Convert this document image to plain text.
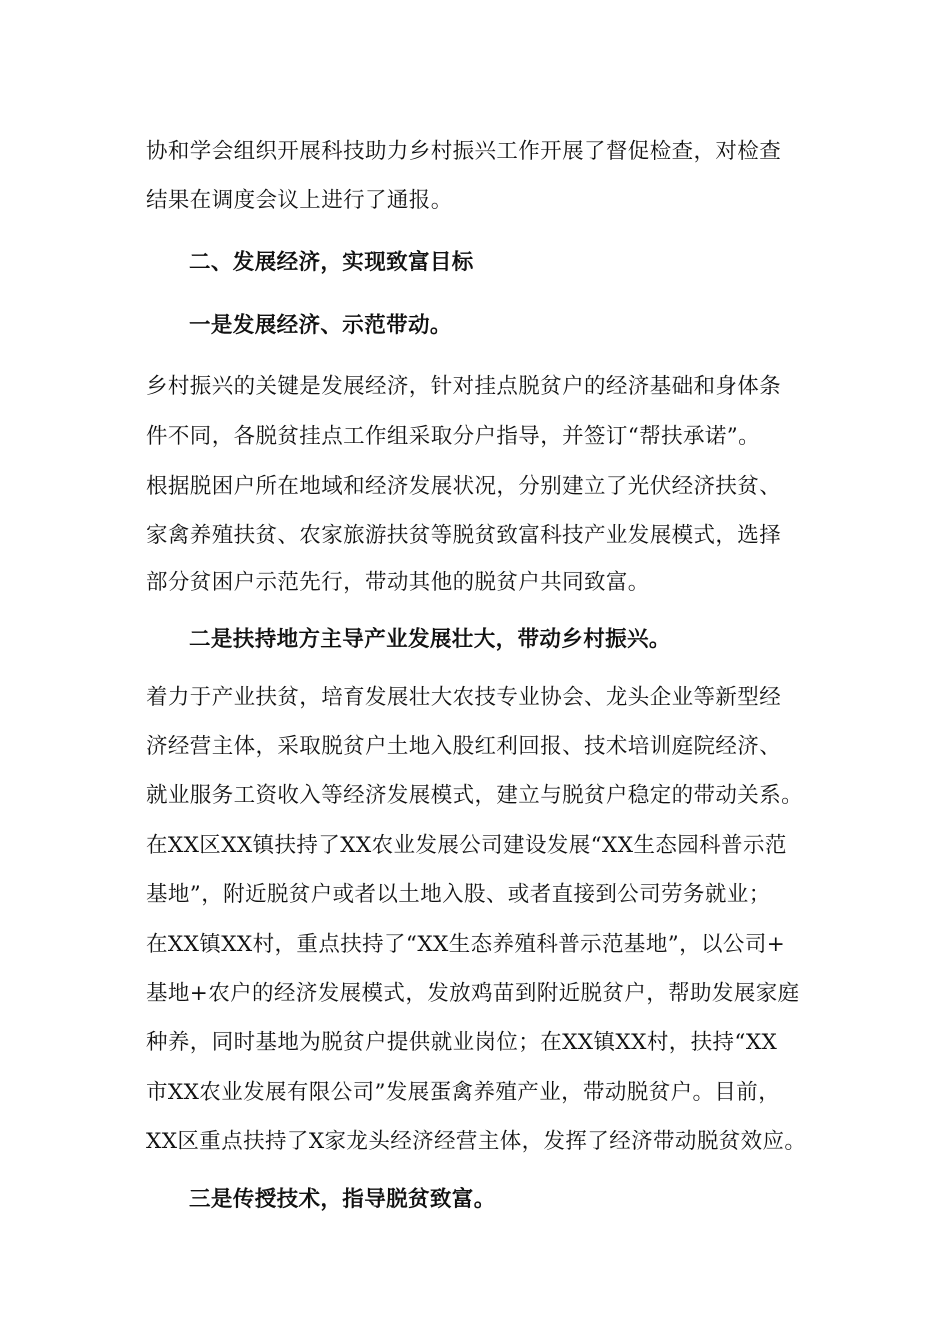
协和学会组织开展科技助力乡村振兴工作开展了督促检查，对检查
结果在调度会议上进行了通报。
二、发展经济，实现致富目标
一是发展经济、示范带动。
乡村振兴的关键是发展经济，针对挂点脱贫户的经济基础和身体条
件不同，各脱贫挂点工作组采取分户指导，并签订“帮扶承诺”。
根据脱困户所在地域和经济发展状况，分别建立了光伏经济扶贫、
家禽养殖扶贫、农家旅游扶贫等脱贫致富科技产业发展模式，选择
部分贫困户示范先行，带动其他的脱贫户共同致富。
二是扶持地方主导产业发展壮大，带动乡村振兴。
着力于产业扶贫，培育发展壮大农技专业协会、龙头企业等新型经
济经营主体，采取脱贫户土地入股红利回报、技术培训庭院经济、
就业服务工资收入等经济发展模式，建立与脱贫户稳定的带动关系。
在XX区XX镇扶持了XX农业发展公司建设发展“XX生态园科普示范
基地”，附近脱贫户或者以土地入股、或者直接到公司劳务就业；
在XX镇XX村，重点扶持了“XX生态养殖科普示范基地”，以公司+
基地+农户的经济发展模式，发放鸡苗到附近脱贫户，帮助发展家庭
种养，同时基地为脱贫户提供就业岗位；在XX镇XX村，扶持“XX
市XX农业发展有限公司”发展蛋禽养殖产业，带动脱贫户。目前，
XX区重点扶持了X家龙头经济经营主体，发挥了经济带动脱贫效应。
三是传授技术，指导脱贫致富。
